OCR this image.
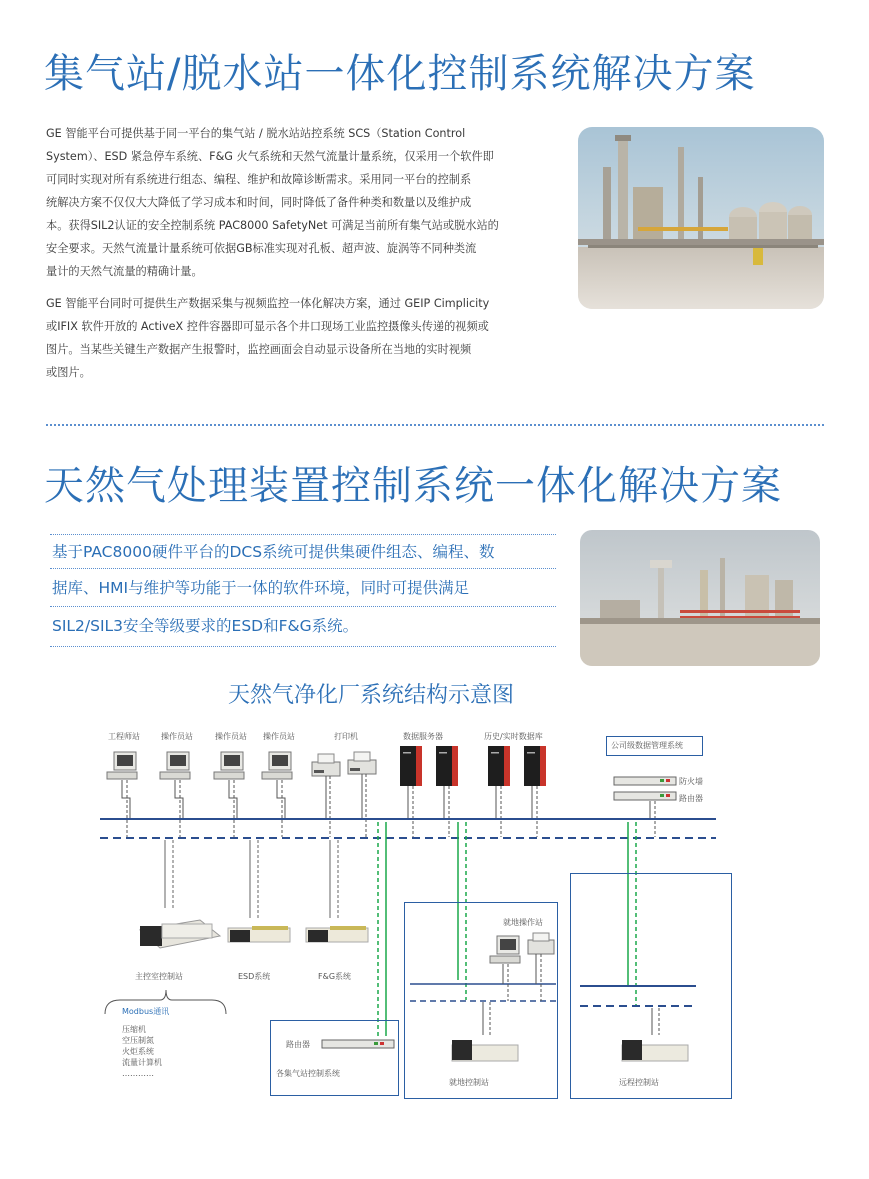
集气站/脱水站一体化控制系统解决方案
GE 智能平台可提供基于同一平台的集气站 / 脱水站站控系统 SCS（Station Control
System）、ESD 紧急停车系统、F&G 火气系统和天然气流量计量系统，仅采用一个软件即
可同时实现对所有系统进行组态、编程、维护和故障诊断需求。采用同一平台的控制系
统解决方案不仅仅大大降低了学习成本和时间，同时降低了备件种类和数量以及维护成
本。获得SIL2认证的安全控制系统 PAC8000 SafetyNet 可满足当前所有集气站或脱水站的
安全要求。天然气流量计量系统可依据GB标准实现对孔板、超声波、旋涡等不同种类流
量计的天然气流量的精确计量。
GE 智能平台同时可提供生产数据采集与视频监控一体化解决方案，通过 GEIP Cimplicity
或IFIX 软件开放的 ActiveX 控件容器即可显示各个井口现场工业监控摄像头传递的视频或
图片。当某些关键生产数据产生报警时，监控画面会自动显示设备所在当地的实时视频
或图片。
天然气处理装置控制系统一体化解决方案
基于PAC8000硬件平台的DCS系统可提供集硬件组态、编程、数
据库、HMI与维护等功能于一体的软件环境，同时可提供满足
SIL2/SIL3安全等级要求的ESD和F&G系统。
天然气净化厂系统结构示意图
工程师站	操作员站	操作员站 操作员站	打印机	数据服务器	历史/实时数据库
公司级数据管理系统
防火墙
路由器
主控室控制站	ESD系统	F&G系统
Modbus通讯
压缩机
空压制氮
火炬系统
流量计算机
…………
路由器
各集气站控制系统
就地操作站
就地控制站	远程控制站
